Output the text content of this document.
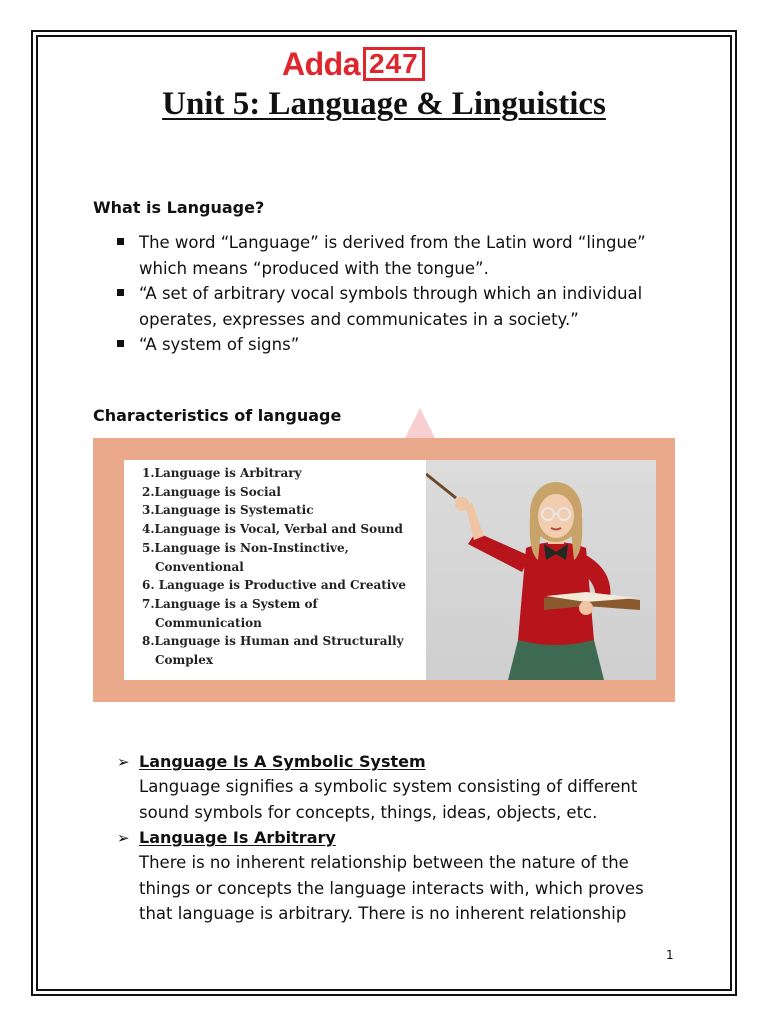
Adda 247
Unit 5: Language & Linguistics
What is Language?
The word “Language” is derived from the Latin word “lingue” which means “produced with the tongue”.
“A set of arbitrary vocal symbols through which an individual operates, expresses and communicates in a society.”
“A system of signs”
Characteristics of language
1.Language is Arbitrary
2.Language is Social
3.Language is Systematic
4.Language is Vocal, Verbal and Sound
5.Language is Non-Instinctive,
Conventional
6. Language is Productive and Creative
7.Language is a System of
Communication
8.Language is Human and Structurally
Complex
➢ Language Is A Symbolic System
Language signifies a symbolic system consisting of different sound symbols for concepts, things, ideas, objects, etc.
➢ Language Is Arbitrary
There is no inherent relationship between the nature of the things or concepts the language interacts with, which proves that language is arbitrary. There is no inherent relationship
1
